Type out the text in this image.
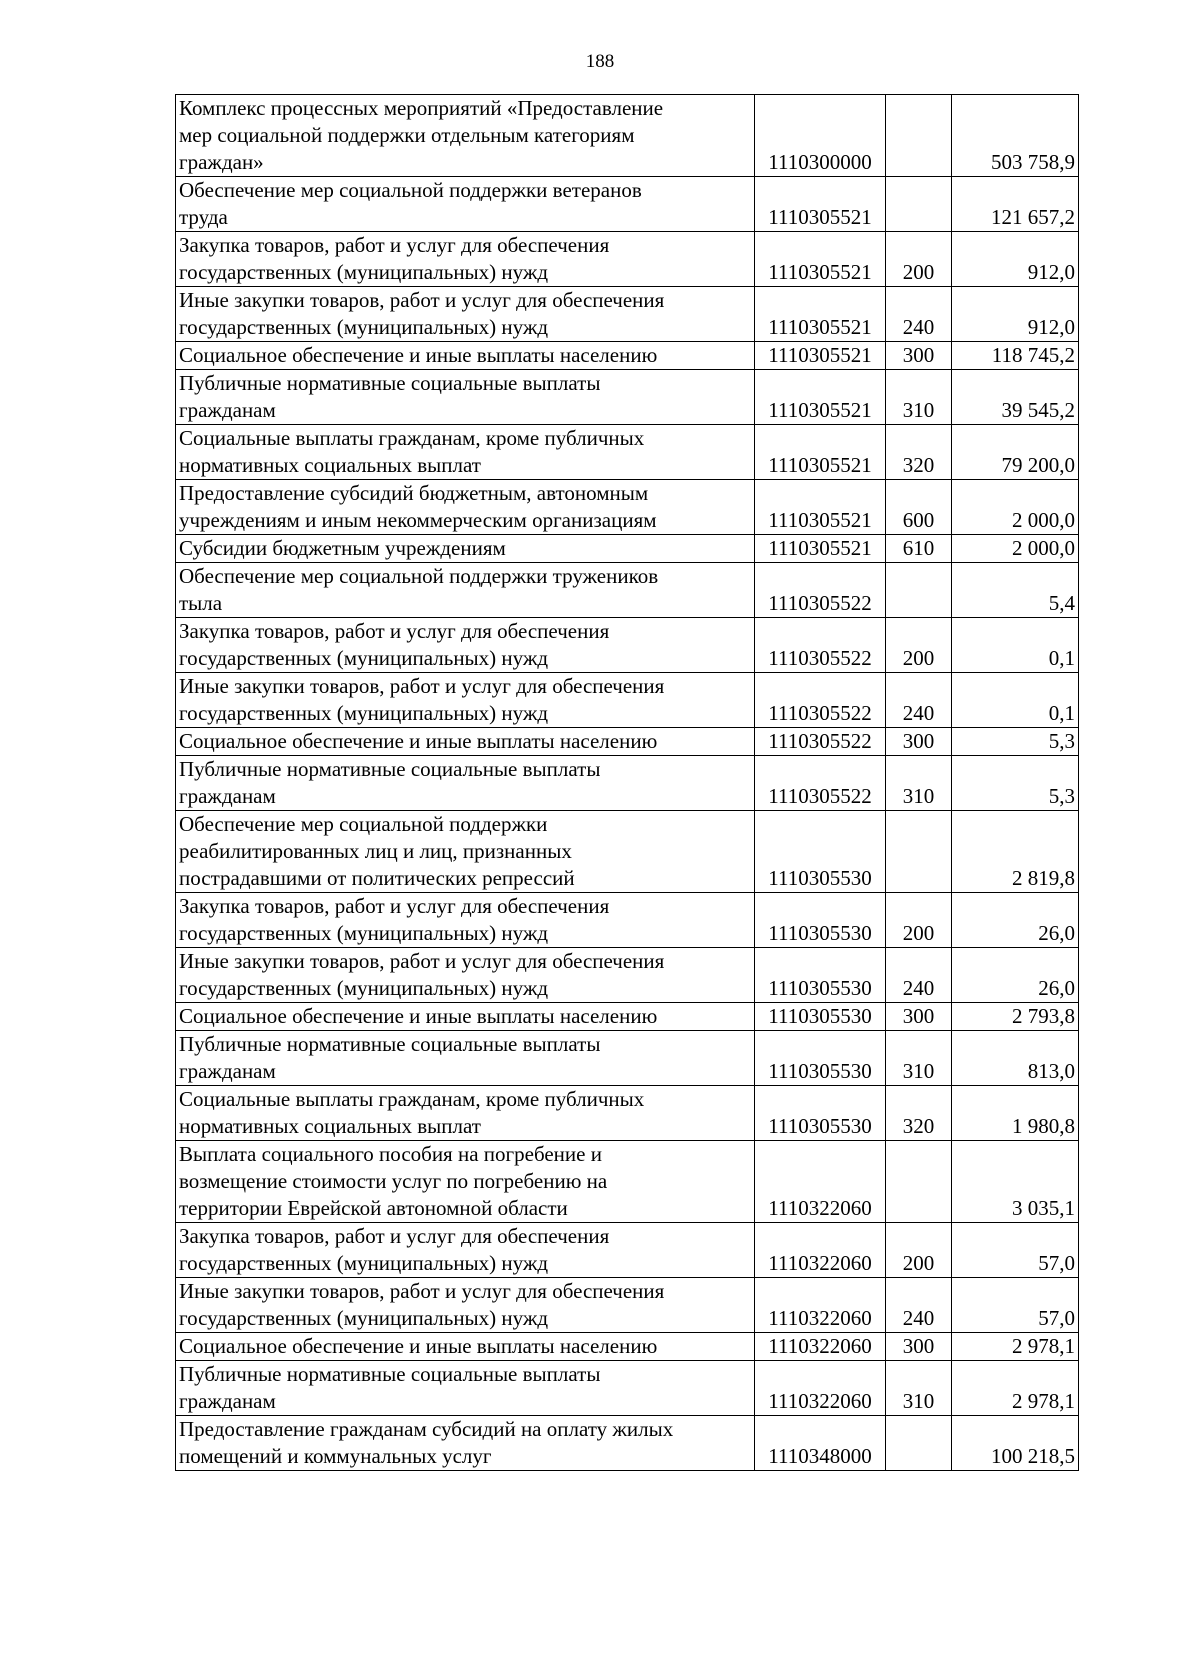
188
Комплекс процессных мероприятий «Предоставление
мер социальной поддержки отдельным категориям
граждан»	1110300000		503 758,9
Обеспечение мер социальной поддержки ветеранов
труда	1110305521		121 657,2
Закупка товаров, работ и услуг для обеспечения
государственных (муниципальных) нужд	1110305521	200	912,0
Иные закупки товаров, работ и услуг для обеспечения
государственных (муниципальных) нужд	1110305521	240	912,0
Социальное обеспечение и иные выплаты населению	1110305521	300	118 745,2
Публичные нормативные социальные выплаты
гражданам	1110305521	310	39 545,2
Социальные выплаты гражданам, кроме публичных
нормативных социальных выплат	1110305521	320	79 200,0
Предоставление субсидий бюджетным, автономным
учреждениям и иным некоммерческим организациям	1110305521	600	2 000,0
Субсидии бюджетным учреждениям	1110305521	610	2 000,0
Обеспечение мер социальной поддержки тружеников
тыла	1110305522		5,4
Закупка товаров, работ и услуг для обеспечения
государственных (муниципальных) нужд	1110305522	200	0,1
Иные закупки товаров, работ и услуг для обеспечения
государственных (муниципальных) нужд	1110305522	240	0,1
Социальное обеспечение и иные выплаты населению	1110305522	300	5,3
Публичные нормативные социальные выплаты
гражданам	1110305522	310	5,3
Обеспечение мер социальной поддержки
реабилитированных лиц и лиц, признанных
пострадавшими от политических репрессий	1110305530		2 819,8
Закупка товаров, работ и услуг для обеспечения
государственных (муниципальных) нужд	1110305530	200	26,0
Иные закупки товаров, работ и услуг для обеспечения
государственных (муниципальных) нужд	1110305530	240	26,0
Социальное обеспечение и иные выплаты населению	1110305530	300	2 793,8
Публичные нормативные социальные выплаты
гражданам	1110305530	310	813,0
Социальные выплаты гражданам, кроме публичных
нормативных социальных выплат	1110305530	320	1 980,8
Выплата социального пособия на погребение и
возмещение стоимости услуг по погребению на
территории Еврейской автономной области	1110322060		3 035,1
Закупка товаров, работ и услуг для обеспечения
государственных (муниципальных) нужд	1110322060	200	57,0
Иные закупки товаров, работ и услуг для обеспечения
государственных (муниципальных) нужд	1110322060	240	57,0
Социальное обеспечение и иные выплаты населению	1110322060	300	2 978,1
Публичные нормативные социальные выплаты
гражданам	1110322060	310	2 978,1
Предоставление гражданам субсидий на оплату жилых
помещений и коммунальных услуг	1110348000		100 218,5
